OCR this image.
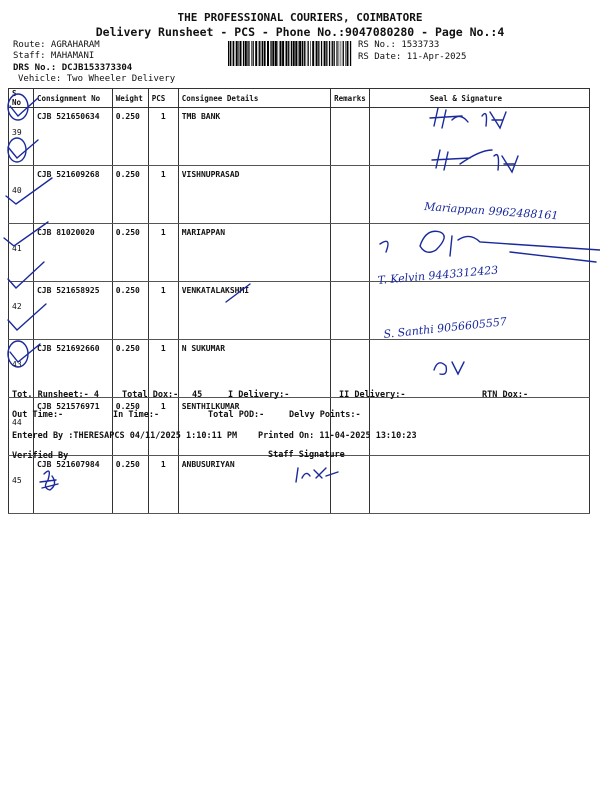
THE PROFESSIONAL COURIERS, COIMBATORE
Delivery Runsheet - PCS - Phone No.:9047080280 - Page No.:4
Route: AGRAHARAM
Staff: MAHAMANI
DRS No.: DCJB153373304
Vehicle: Two Wheeler Delivery
RS No.: 1533733
RS Date: 11-Apr-2025
S No	Consignment No	Weight	PCS	Consignee Details	Remarks	Seal & Signature
39	CJB 521650634	0.250	1	TMB BANK		
40	CJB 521609268	0.250	1	VISHNUPRASAD		
41	CJB 81020020	0.250	1	MARIAPPAN		
42	CJB 521658925	0.250	1	VENKATALAKSHMI		
43	CJB 521692660	0.250	1	N SUKUMAR		
44	CJB 521576971	0.250	1	SENTHILKUMAR		
45	CJB 521607984	0.250	1	ANBUSURIYAN		
Tot. Runsheet:- 4	Total Dox:- 45	I Delivery:-	II Delivery:-	RTN Dox:-
Out Time:-	In Time:-	Total POD:-	Delvy Points:-
Entered By :THERESAPCS 04/11/2025 1:10:11 PM Printed On: 11-04-2025 13:10:23
Verified By	Staff Signature
Mariappan 9962488161
T. Kelvin 9443312423
S. Santhi 9056605557
